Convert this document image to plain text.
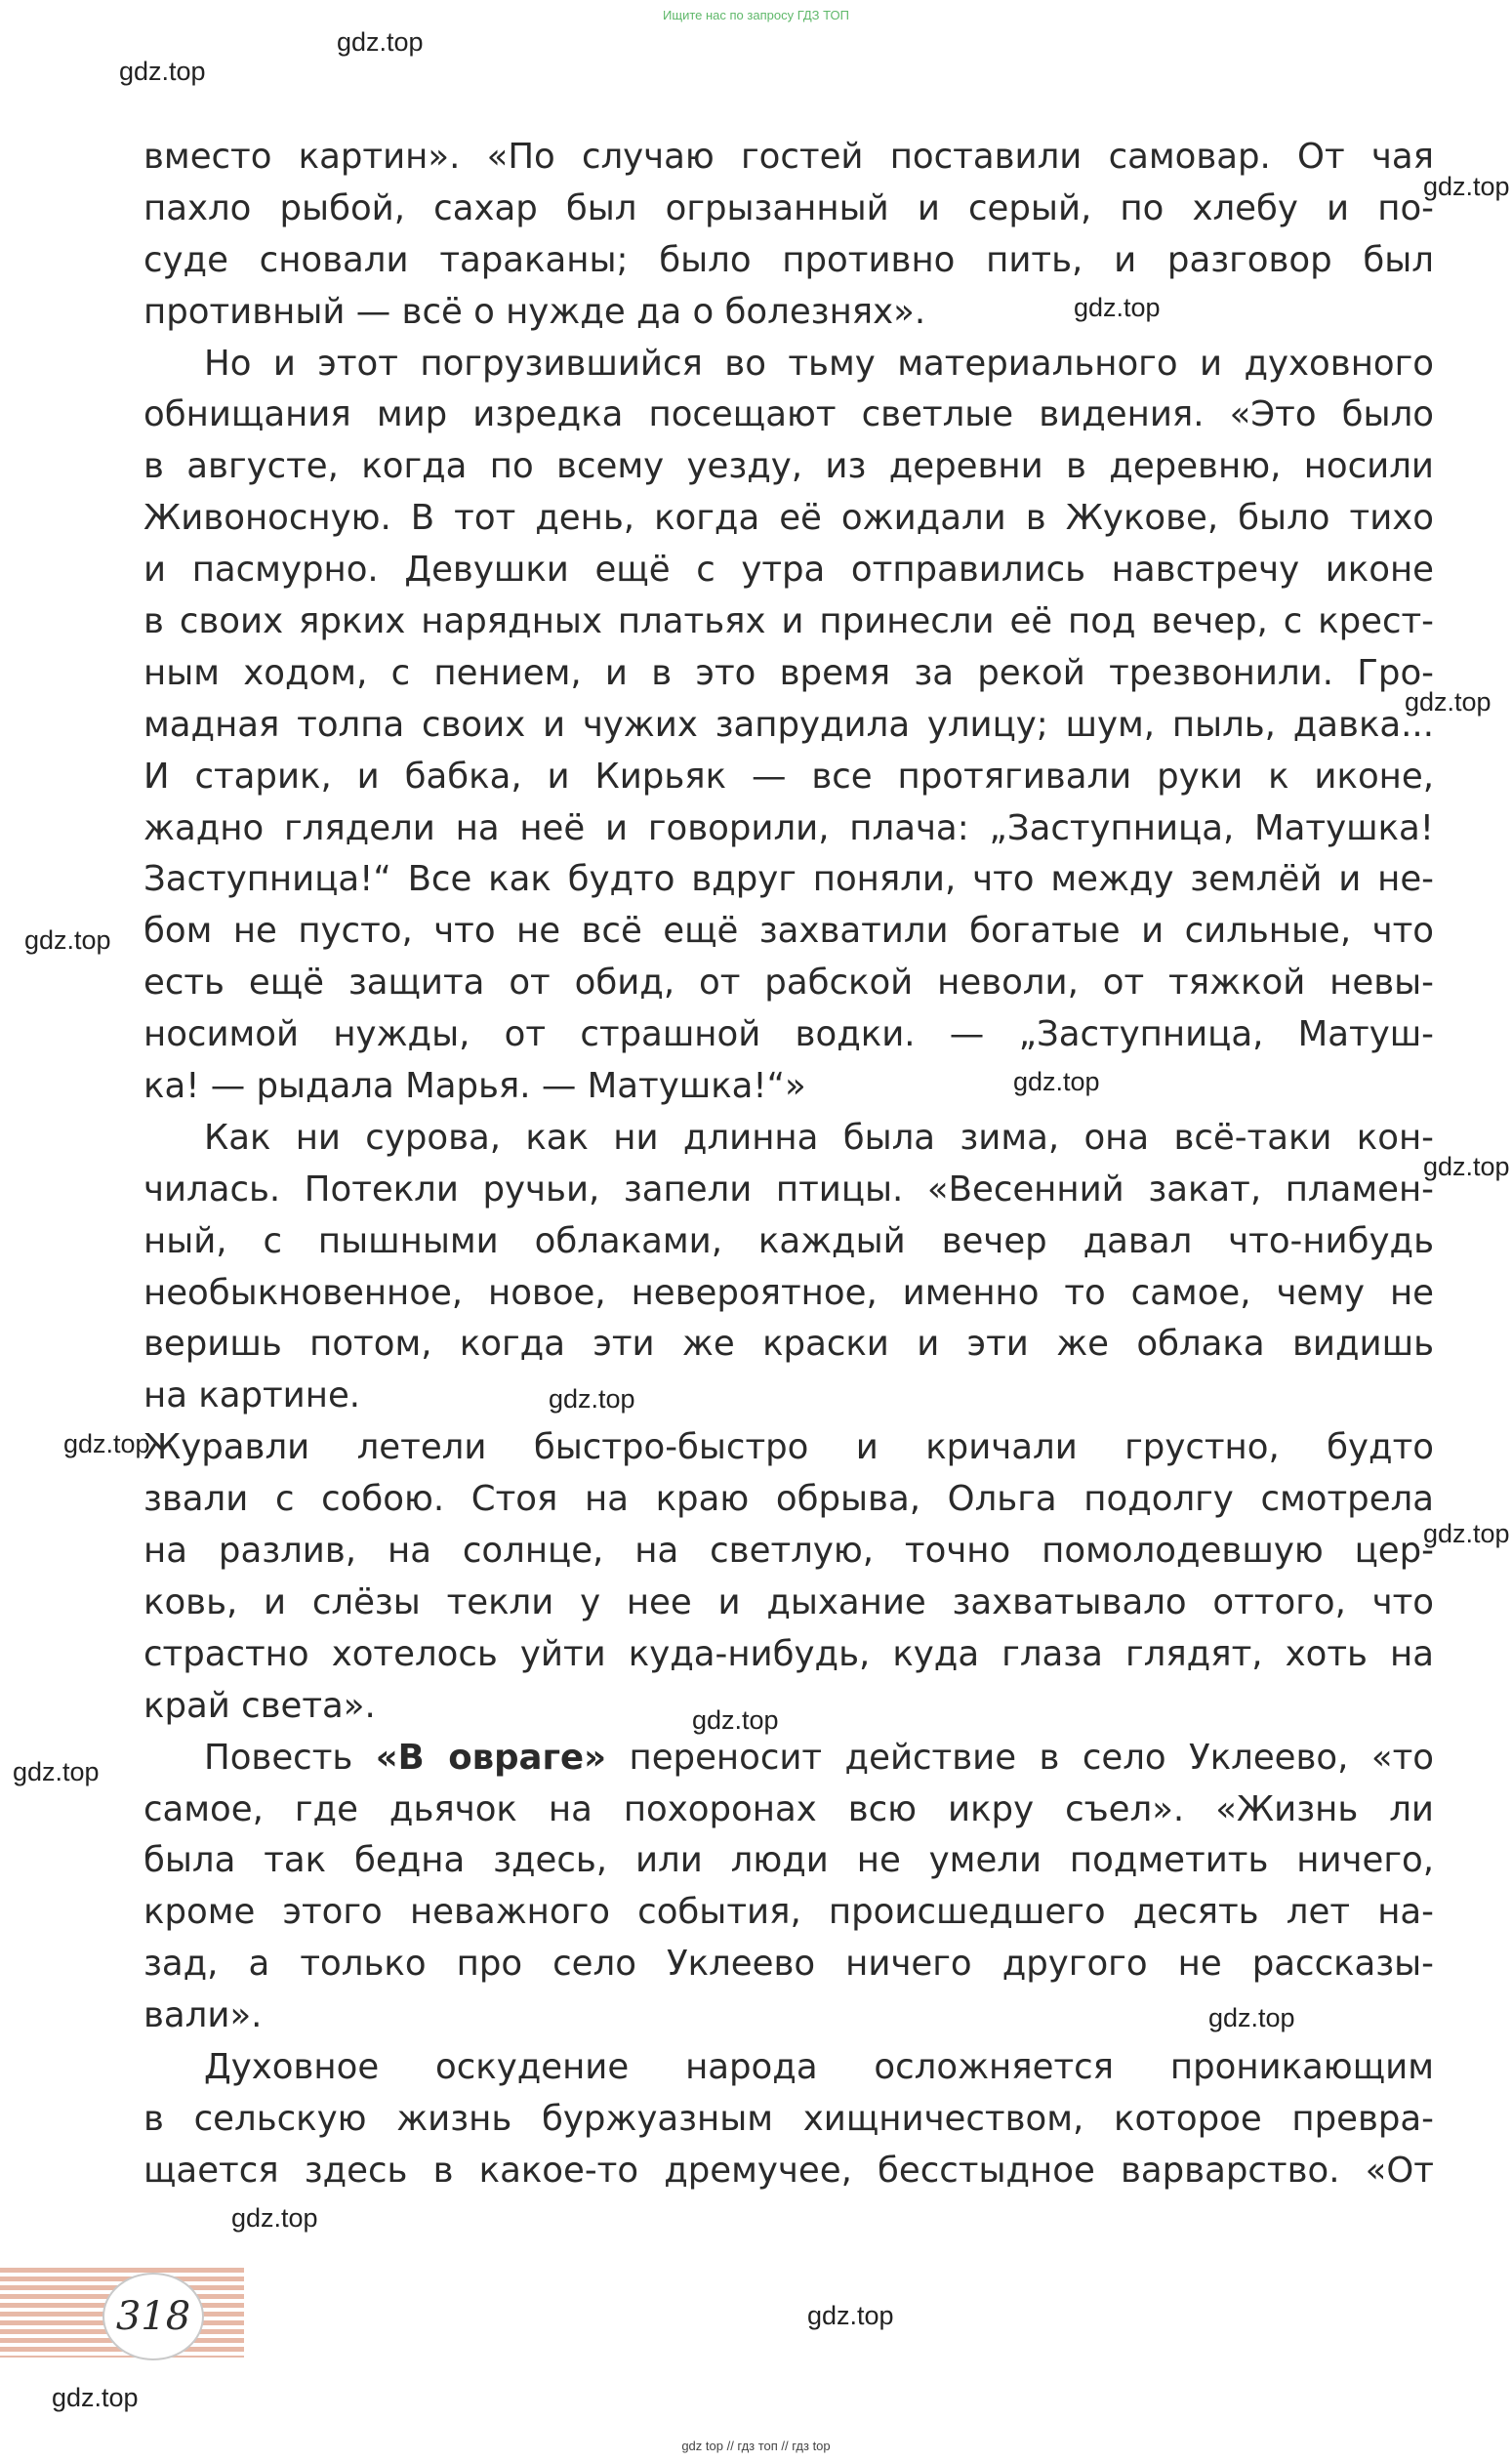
Ищите нас по запросу ГДЗ ТОП
gdz.top
gdz.top
gdz.top
gdz.top
gdz.top
gdz.top
gdz.top
gdz.top
gdz.top
gdz.top
gdz.top
gdz.top
gdz.top
gdz.top
gdz.top
gdz.top
gdz.top
вместо картин». «По случаю гостей поставили самовар. От чая
пахло рыбой, сахар был огрызанный и серый, по хлебу и по-
суде сновали тараканы; было противно пить, и разговор был
противный — всё о нужде да о болезнях».
Но и этот погрузившийся во тьму материального и духовного
обнищания мир изредка посещают светлые видения. «Это было
в августе, когда по всему уезду, из деревни в деревню, носили
Живоносную. В тот день, когда её ожидали в Жукове, было тихо
и пасмурно. Девушки ещё с утра отправились навстречу иконе
в своих ярких нарядных платьях и принесли её под вечер, с крест-
ным ходом, с пением, и в это время за рекой трезвонили. Гро-
мадная толпа своих и чужих запрудила улицу; шум, пыль, давка...
И старик, и бабка, и Кирьяк — все протягивали руки к иконе,
жадно глядели на неё и говорили, плача: „Заступница, Матушка!
Заступница!“ Все как будто вдруг поняли, что между землёй и не-
бом не пусто, что не всё ещё захватили богатые и сильные, что
есть ещё защита от обид, от рабской неволи, от тяжкой невы-
носимой нужды, от страшной водки. — „Заступница, Матуш-
ка! — рыдала Марья. — Матушка!“»
Как ни сурова, как ни длинна была зима, она всё-таки кон-
чилась. Потекли ручьи, запели птицы. «Весенний закат, пламен-
ный, с пышными облаками, каждый вечер давал что-нибудь
необыкновенное, новое, невероятное, именно то самое, чему не
веришь потом, когда эти же краски и эти же облака видишь
на картине.
Журавли летели быстро-быстро и кричали грустно, будто
звали с собою. Стоя на краю обрыва, Ольга подолгу смотрела
на разлив, на солнце, на светлую, точно помолодевшую цер-
ковь, и слёзы текли у нее и дыхание захватывало оттого, что
страстно хотелось уйти куда-нибудь, куда глаза глядят, хоть на
край света».
Повесть «В овраге» переносит действие в село Уклеево, «то
самое, где дьячок на похоронах всю икру съел». «Жизнь ли
была так бедна здесь, или люди не умели подметить ничего,
кроме этого неважного события, происшедшего десять лет на-
зад, а только про село Уклеево ничего другого не рассказы-
вали».
Духовное оскудение народа осложняется проникающим
в сельскую жизнь буржуазным хищничеством, которое превра-
щается здесь в какое-то дремучее, бесстыдное варварство. «От
318
gdz top // гдз топ // гдз top
